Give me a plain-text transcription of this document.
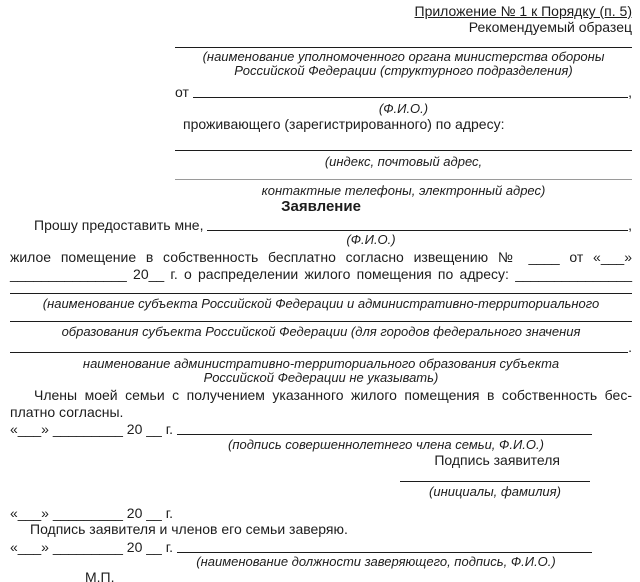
Приложение № 1 к Порядку (п. 5)
Рекомендуемый образец
(наименование уполномоченного органа министерства обороны
Российской Федерации (структурного подразделения)
от	,
(Ф.И.О.)
проживающего (зарегистрированного) по адресу:
(индекс, почтовый адрес,
контактные телефоны, электронный адрес)
Заявление
Прошу предоставить мне,	,
(Ф.И.О.)
жилое помещение в собственность бесплатно согласно извещению № ____ от «___»
_______________ 20__ г. о распределении жилого помещения по адресу: _______________
(наименование субъекта Российской Федерации и административно-территориального
образования субъекта Российской Федерации (для городов федерального значения
.
наименование административно-территориального образования субъекта
Российской Федерации не указывать)
Члены моей семьи с получением указанного жилого помещения в собственность бес-
платно согласны.
«___» _________ 20 __ г.
(подпись совершеннолетнего члена семьи, Ф.И.О.)
Подпись заявителя
(инициалы, фамилия)
«___» _________ 20 __ г.
Подпись заявителя и членов его семьи заверяю.
«___» _________ 20 __ г.
(наименование должности заверяющего, подпись, Ф.И.О.)
М.П.
